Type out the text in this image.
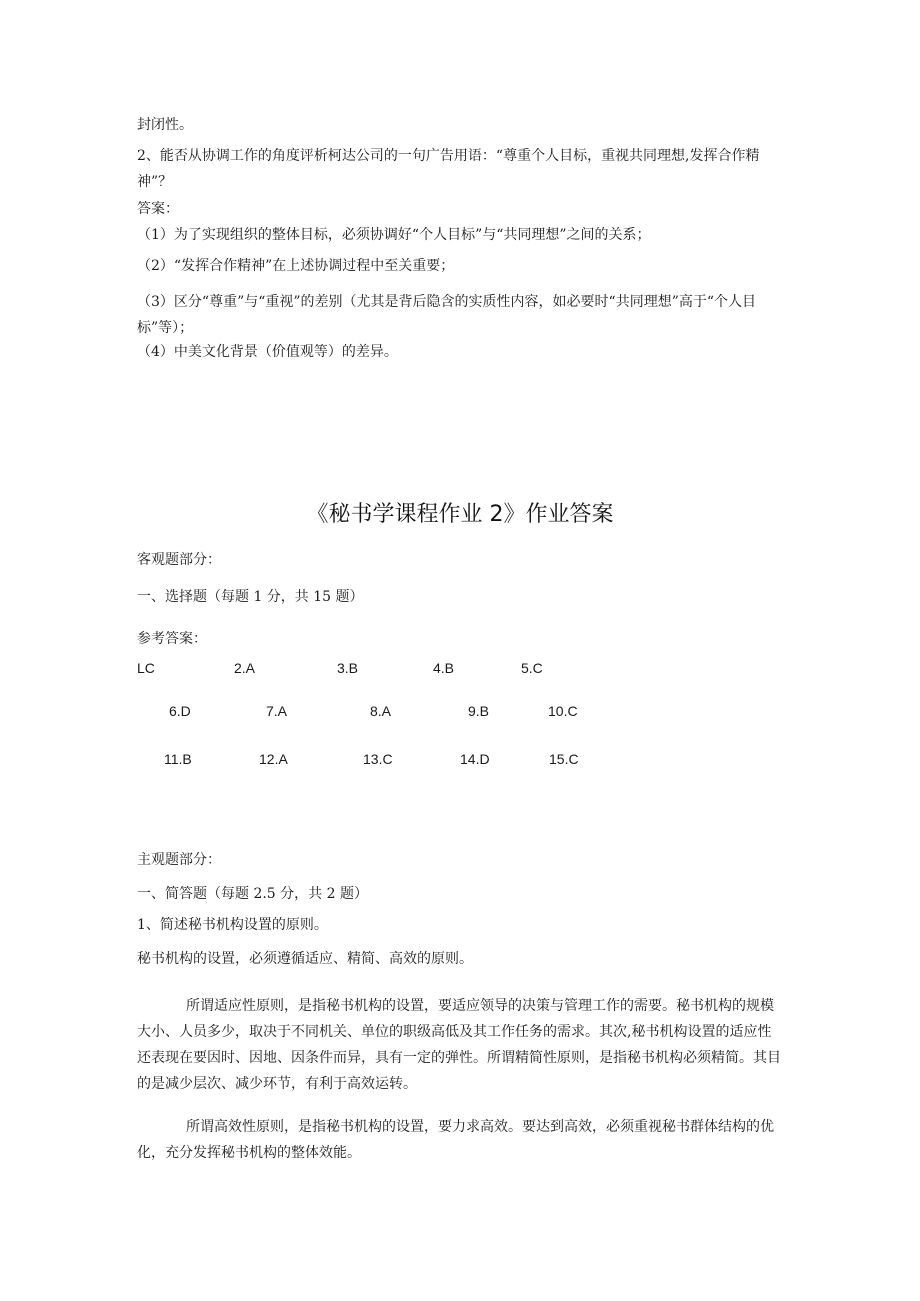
封闭性。

2、能否从协调工作的角度评析柯达公司的一句广告用语：“尊重个人目标，重视共同理想,发挥合作精神”？

答案：

（1）为了实现组织的整体目标，必须协调好“个人目标”与“共同理想”之间的关系；

（2）“发挥合作精神”在上述协调过程中至关重要；

（3）区分“尊重”与“重视”的差别（尤其是背后隐含的实质性内容，如必要时“共同理想”高于“个人目标”等）；

（4）中美文化背景（价值观等）的差异。

《秘书学课程作业 2》作业答案

客观题部分：

一、选择题（每题 1 分，共 15 题）

参考答案：

LC	2.A	3.B	4.B	5.C
6.D	7.A	8.A	9.B	10.C
11.B	12.A	13.C	14.D	15.C

主观题部分：

一、简答题（每题 2.5 分，共 2 题）

1、简述秘书机构设置的原则。

秘书机构的设置，必须遵循适应、精简、高效的原则。

所谓适应性原则，是指秘书机构的设置，要适应领导的决策与管理工作的需要。秘书机构的规模大小、人员多少，取决于不同机关、单位的职级高低及其工作任务的需求。其次,秘书机构设置的适应性还表现在要因时、因地、因条件而异，具有一定的弹性。所谓精简性原则，是指秘书机构必须精简。其目的是减少层次、减少环节，有利于高效运转。

所谓高效性原则，是指秘书机构的设置，要力求高效。要达到高效，必须重视秘书群体结构的优化，充分发挥秘书机构的整体效能。
